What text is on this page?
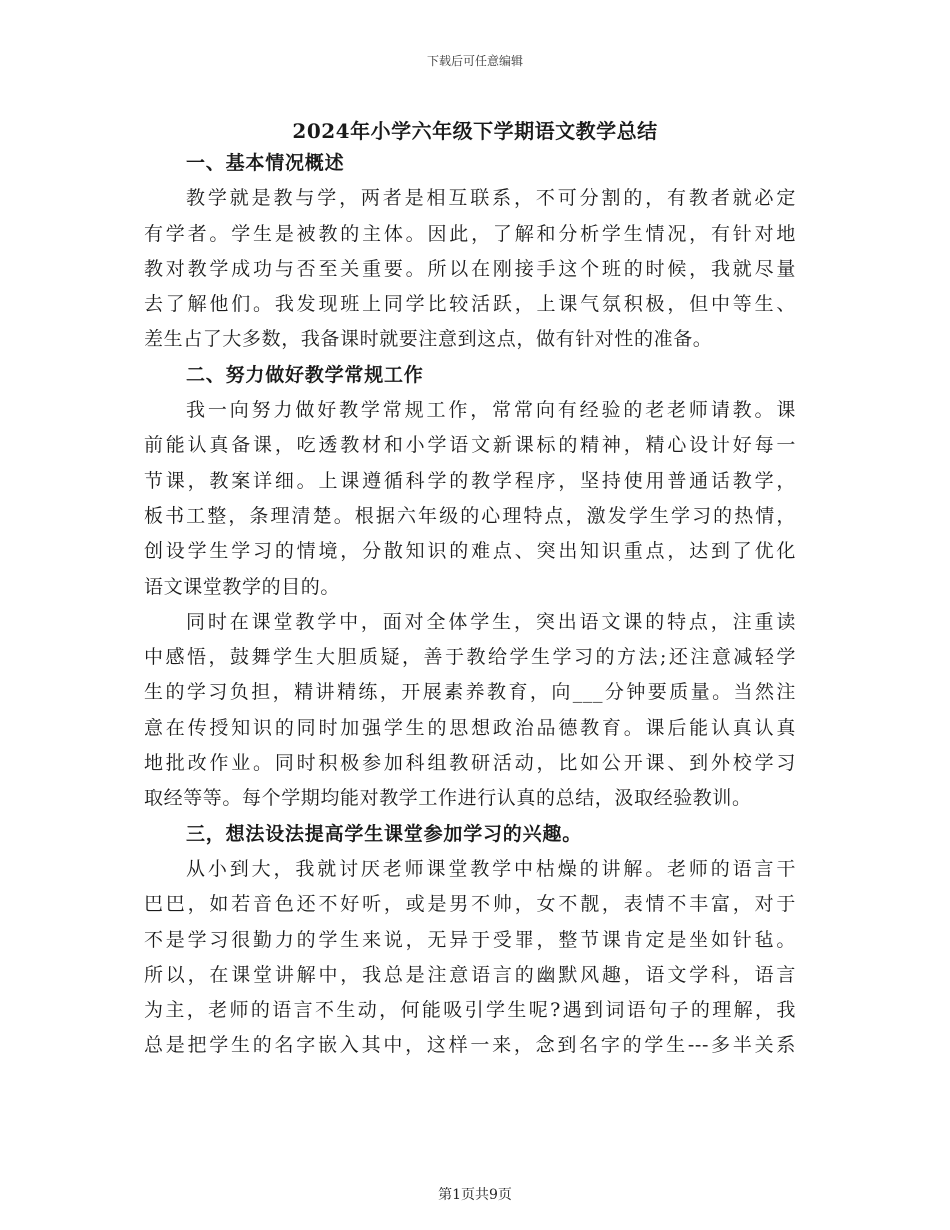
下载后可任意编辑
2024年小学六年级下学期语文教学总结
一、基本情况概述
教学就是教与学，两者是相互联系，不可分割的，有教者就必定
有学者。学生是被教的主体。因此，了解和分析学生情况，有针对地
教对教学成功与否至关重要。所以在刚接手这个班的时候，我就尽量
去了解他们。我发现班上同学比较活跃，上课气氛积极，但中等生、
差生占了大多数，我备课时就要注意到这点，做有针对性的准备。
二、努力做好教学常规工作
我一向努力做好教学常规工作，常常向有经验的老老师请教。课
前能认真备课，吃透教材和小学语文新课标的精神，精心设计好每一
节课，教案详细。上课遵循科学的教学程序，坚持使用普通话教学，
板书工整，条理清楚。根据六年级的心理特点，激发学生学习的热情，
创设学生学习的情境，分散知识的难点、突出知识重点，达到了优化
语文课堂教学的目的。
同时在课堂教学中，面对全体学生，突出语文课的特点，注重读
中感悟，鼓舞学生大胆质疑，善于教给学生学习的方法;还注意减轻学
生的学习负担，精讲精练，开展素养教育，向___分钟要质量。当然注
意在传授知识的同时加强学生的思想政治品德教育。课后能认真认真
地批改作业。同时积极参加科组教研活动，比如公开课、到外校学习
取经等等。每个学期均能对教学工作进行认真的总结，汲取经验教训。
三，想法设法提高学生课堂参加学习的兴趣。
从小到大，我就讨厌老师课堂教学中枯燥的讲解。老师的语言干
巴巴，如若音色还不好听，或是男不帅，女不靓，表情不丰富，对于
不是学习很勤力的学生来说，无异于受罪，整节课肯定是坐如针毡。
所以，在课堂讲解中，我总是注意语言的幽默风趣，语文学科，语言
为主，老师的语言不生动，何能吸引学生呢?遇到词语句子的理解，我
总是把学生的名字嵌入其中，这样一来，念到名字的学生---多半关系
第1页共9页
